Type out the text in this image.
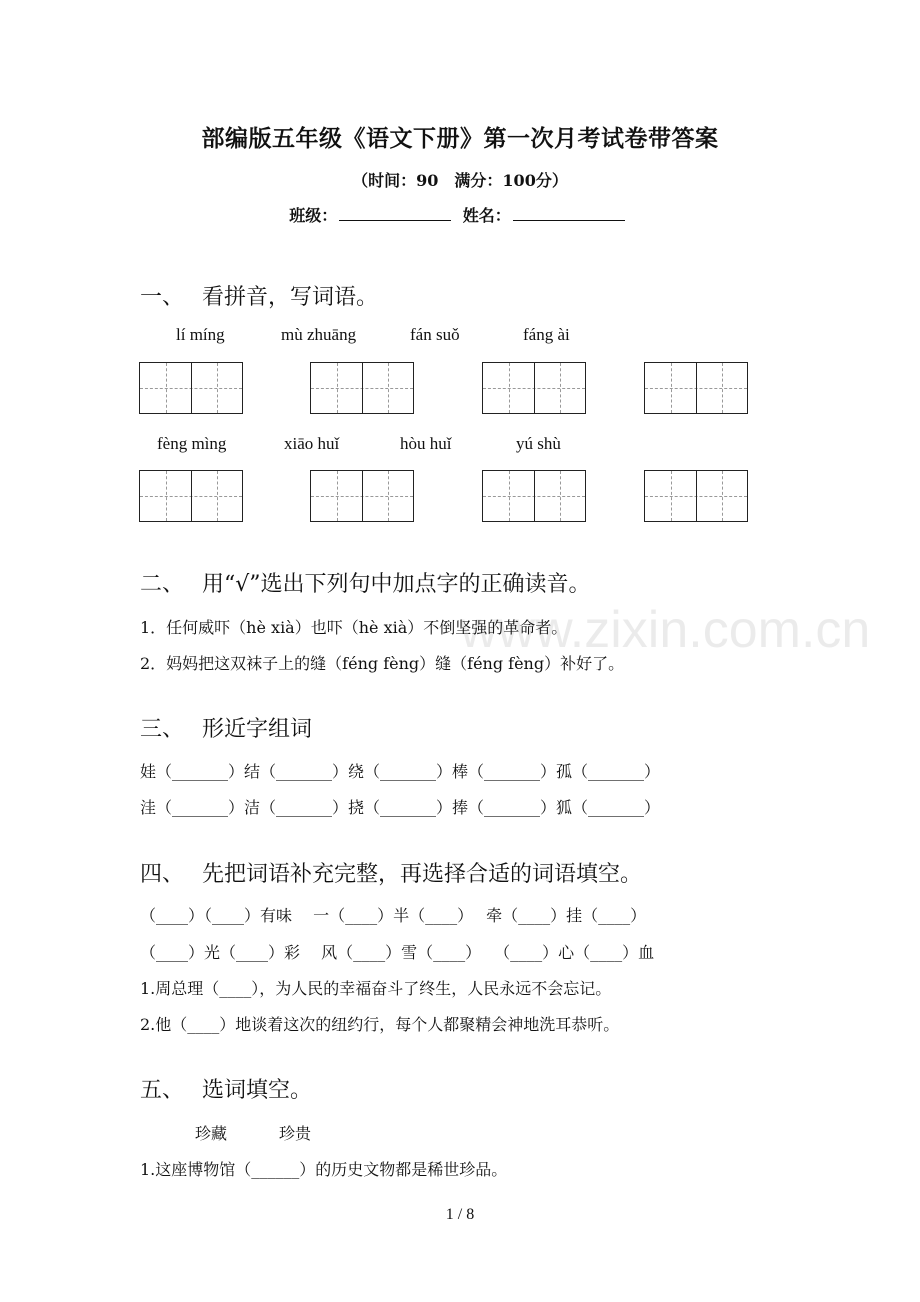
部编版五年级《语文下册》第一次月考试卷带答案
（时间：90　满分：100分）
班级：	姓名：
www.zixin.com.cn
一、 看拼音，写词语。
lí míng	mù zhuāng	fán suǒ	fáng ài
fèng mìng	xiāo huǐ	hòu huǐ	yú shù
二、 用“√”选出下列句中加点字的正确读音。
1．任何威吓（hè xià）也吓（hè xià）不倒坚强的革命者。
2．妈妈把这双袜子上的缝（féng fèng）缝（féng fèng）补好了。
三、 形近字组词
娃（_______）结（_______）绕（_______）棒（_______）孤（_______）
洼（_______）洁（_______）挠（_______）捧（_______）狐（_______）
四、 先把词语补充完整，再选择合适的词语填空。
（____）（____）有味　 一（____）半（____）　 牵（____）挂（____）
（____）光（____）彩　 风（____）雪（____）　 （____）心（____）血
1.周总理（____），为人民的幸福奋斗了终生，人民永远不会忘记。
2.他（____）地谈着这次的纽约行，每个人都聚精会神地洗耳恭听。
五、 选词填空。
珍藏	珍贵
1.这座博物馆（______）的历史文物都是稀世珍品。
1 / 8
